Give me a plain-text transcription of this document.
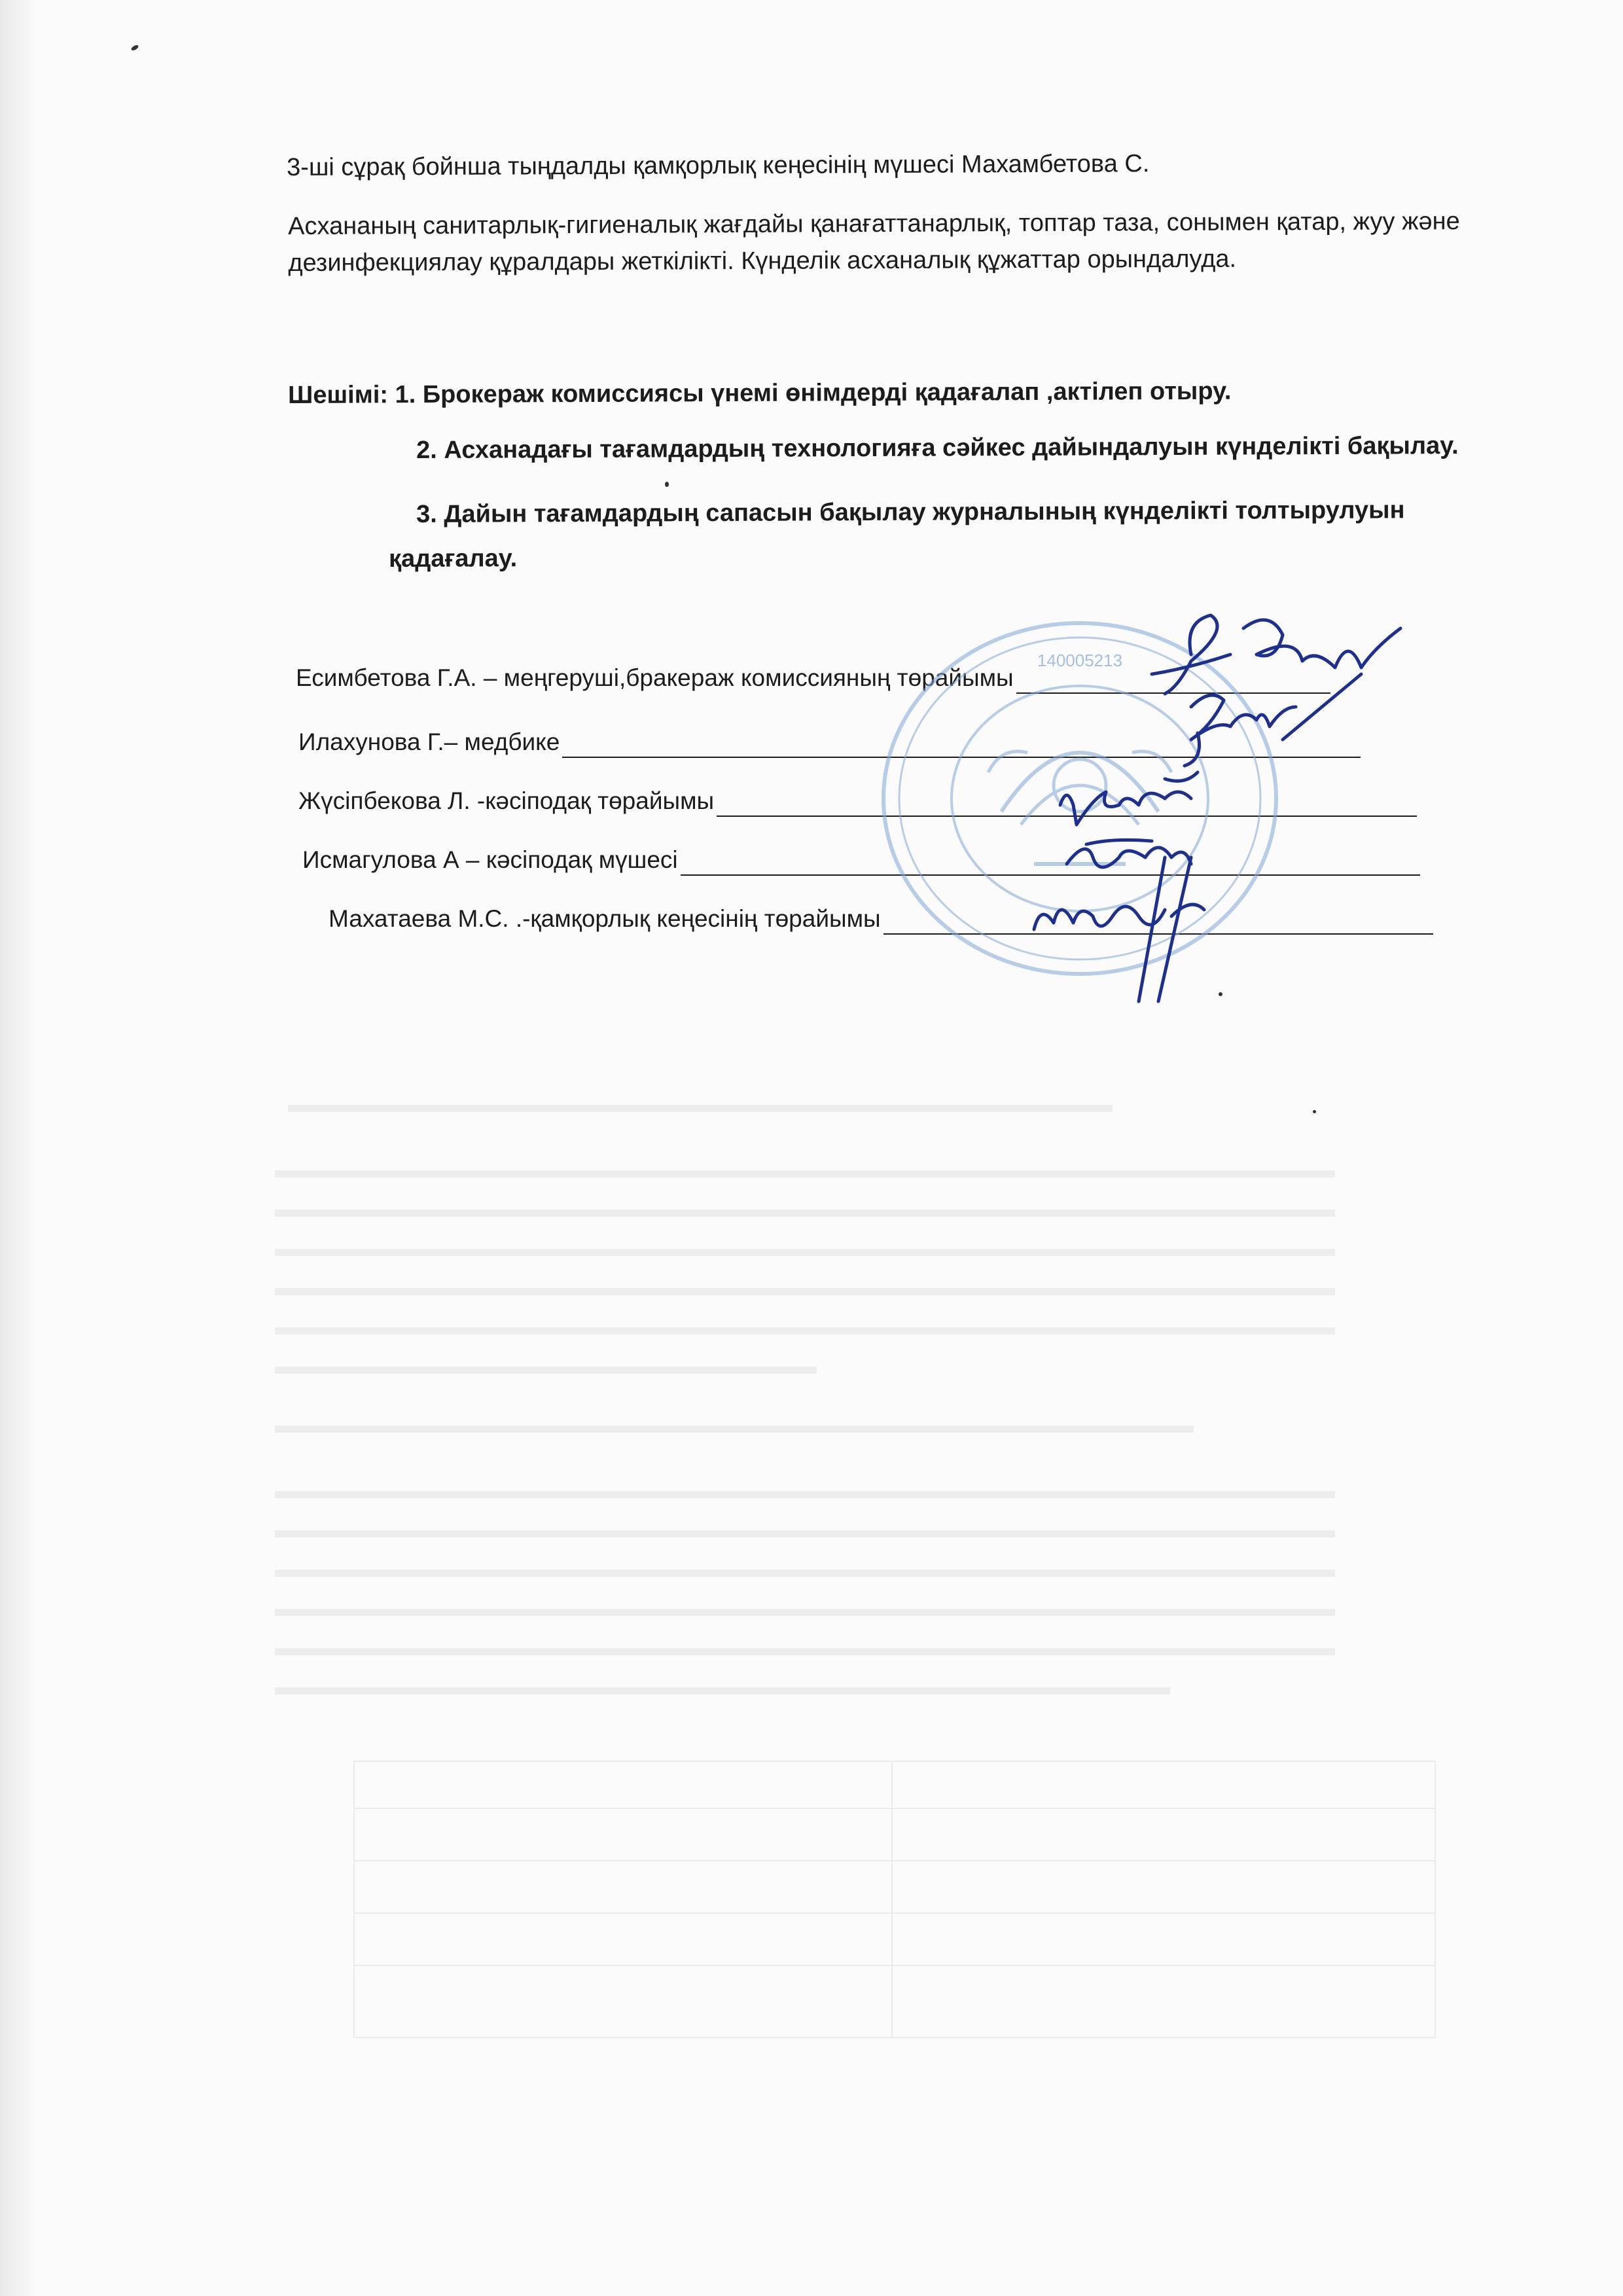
▬▬▬▬▬▬▬▬▬▬▬▬▬▬▬▬▬▬▬▬▬▬▬▬▬▬▬▬▬▬▬▬▬▬▬
▬▬▬▬▬▬▬▬▬▬▬▬▬▬▬▬▬▬▬▬▬▬▬▬▬▬▬▬▬▬▬▬▬▬▬▬▬▬▬▬▬▬▬▬▬
▬▬▬▬▬▬▬▬▬▬▬▬▬▬▬▬▬▬▬▬▬▬▬▬▬▬▬▬▬▬▬▬▬▬▬▬▬▬▬▬▬▬▬▬▬
▬▬▬▬▬▬▬▬▬▬▬▬▬▬▬▬▬▬▬▬▬▬▬▬▬▬▬▬▬▬▬▬▬▬▬▬▬▬▬▬▬▬▬▬▬
▬▬▬▬▬▬▬▬▬▬▬▬▬▬▬▬▬▬▬▬▬▬▬▬▬▬▬▬▬▬▬▬▬▬▬▬▬▬▬▬▬▬▬▬▬
▬▬▬▬▬▬▬▬▬▬▬▬▬▬▬▬▬▬▬▬▬▬▬▬▬▬▬▬▬▬▬▬▬▬▬▬▬▬▬▬▬▬▬▬▬
▬▬▬▬▬▬▬▬▬▬▬▬▬▬▬▬▬▬▬▬▬▬▬
▬▬▬▬▬▬▬▬▬▬▬▬▬▬▬▬▬▬▬▬▬▬▬▬▬▬▬▬▬▬▬▬▬▬▬▬▬▬▬
▬▬▬▬▬▬▬▬▬▬▬▬▬▬▬▬▬▬▬▬▬▬▬▬▬▬▬▬▬▬▬▬▬▬▬▬▬▬▬▬▬▬▬▬▬
▬▬▬▬▬▬▬▬▬▬▬▬▬▬▬▬▬▬▬▬▬▬▬▬▬▬▬▬▬▬▬▬▬▬▬▬▬▬▬▬▬▬▬▬▬
▬▬▬▬▬▬▬▬▬▬▬▬▬▬▬▬▬▬▬▬▬▬▬▬▬▬▬▬▬▬▬▬▬▬▬▬▬▬▬▬▬▬▬▬▬
▬▬▬▬▬▬▬▬▬▬▬▬▬▬▬▬▬▬▬▬▬▬▬▬▬▬▬▬▬▬▬▬▬▬▬▬▬▬▬▬▬▬▬▬▬
▬▬▬▬▬▬▬▬▬▬▬▬▬▬▬▬▬▬▬▬▬▬▬▬▬▬▬▬▬▬▬▬▬▬▬▬▬▬▬▬▬▬▬▬▬
▬▬▬▬▬▬▬▬▬▬▬▬▬▬▬▬▬▬▬▬▬▬▬▬▬▬▬▬▬▬▬▬▬▬▬▬▬▬
3-ші сұрақ бойнша тыңдалды қамқорлық кеңесінің мүшесі Махамбетова С.
Асхананың санитарлық-гигиеналық жағдайы қанағаттанарлық, топтар таза, сонымен қатар, жуу және дезинфекциялау құралдары жеткілікті. Күнделік асханалық құжаттар орындалуда.
Шешімі: 1. Брокераж комиссиясы үнемі өнімдерді қадағалап ,актілеп отыру.
2. Асханадағы тағамдардың технологияға сәйкес дайындалуын күнделікті бақылау.
3. Дайын тағамдардың сапасын бақылау журналының күнделікті толтырулуын
қадағалау.
Есимбетова Г.А. – меңгеруші,бракераж комиссияның төрайымы
Илахунова Г.– медбике
Жүсіпбекова Л. -кәсіподақ төрайымы
Исмагулова А – кәсіподақ мүшесі
Махатаева М.С. .-қамқорлық кеңесінің төрайымы
140005213
